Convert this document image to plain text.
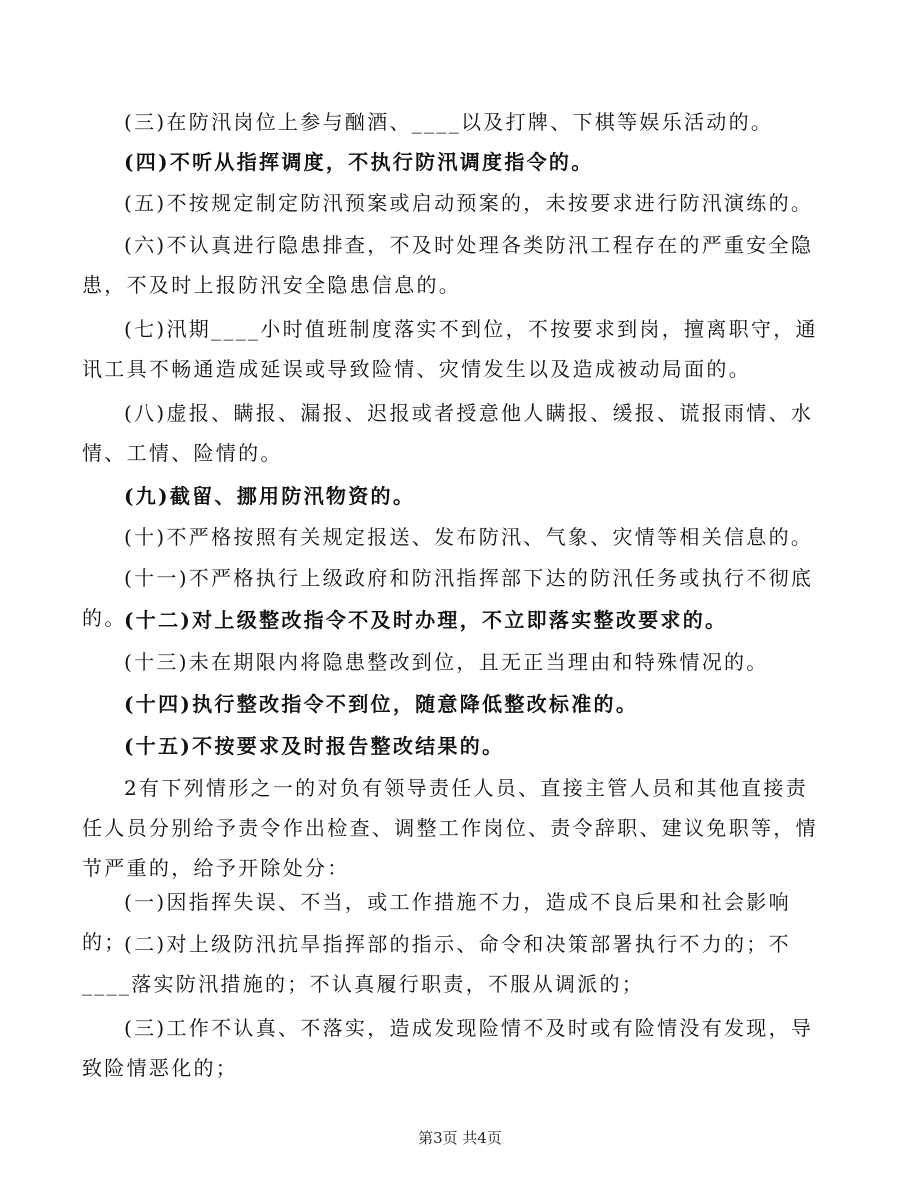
(三)在防汛岗位上参与酗酒、____以及打牌、下棋等娱乐活动的。

(四)不听从指挥调度，不执行防汛调度指令的。

(五)不按规定制定防汛预案或启动预案的，未按要求进行防汛演练的。

(六)不认真进行隐患排查，不及时处理各类防汛工程存在的严重安全隐患，不及时上报防汛安全隐患信息的。

(七)汛期____小时值班制度落实不到位，不按要求到岗，擅离职守，通讯工具不畅通造成延误或导致险情、灾情发生以及造成被动局面的。

(八)虚报、瞒报、漏报、迟报或者授意他人瞒报、缓报、谎报雨情、水情、工情、险情的。

(九)截留、挪用防汛物资的。

(十)不严格按照有关规定报送、发布防汛、气象、灾情等相关信息的。

(十一)不严格执行上级政府和防汛指挥部下达的防汛任务或执行不彻底的。

(十二)对上级整改指令不及时办理，不立即落实整改要求的。

(十三)未在期限内将隐患整改到位，且无正当理由和特殊情况的。

(十四)执行整改指令不到位，随意降低整改标准的。

(十五)不按要求及时报告整改结果的。

2有下列情形之一的对负有领导责任人员、直接主管人员和其他直接责任人员分别给予责令作出检查、调整工作岗位、责令辞职、建议免职等，情节严重的，给予开除处分：

(一)因指挥失误、不当，或工作措施不力，造成不良后果和社会影响的；

(二)对上级防汛抗旱指挥部的指示、命令和决策部署执行不力的；不____落实防汛措施的；不认真履行职责，不服从调派的；

(三)工作不认真、不落实，造成发现险情不及时或有险情没有发现，导致险情恶化的；

第3页 共4页
